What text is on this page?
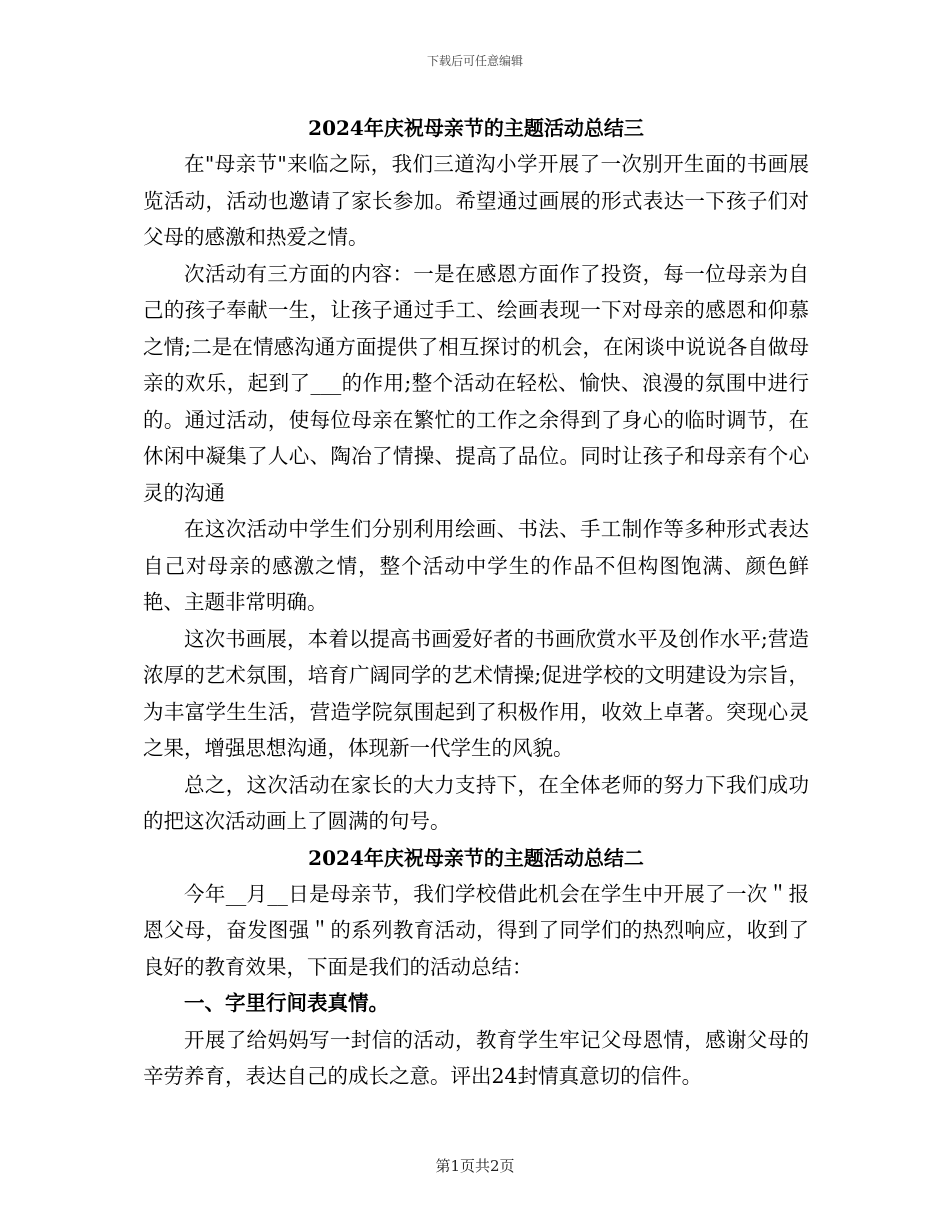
下载后可任意编辑

2024年庆祝母亲节的主题活动总结三

在"母亲节"来临之际，我们三道沟小学开展了一次别开生面的书画展览活动，活动也邀请了家长参加。希望通过画展的形式表达一下孩子们对父母的感激和热爱之情。

次活动有三方面的内容：一是在感恩方面作了投资，每一位母亲为自己的孩子奉献一生，让孩子通过手工、绘画表现一下对母亲的感恩和仰慕之情;二是在情感沟通方面提供了相互探讨的机会，在闲谈中说说各自做母亲的欢乐，起到了___的作用;整个活动在轻松、愉快、浪漫的氛围中进行的。通过活动，使每位母亲在繁忙的工作之余得到了身心的临时调节，在休闲中凝集了人心、陶冶了情操、提高了品位。同时让孩子和母亲有个心灵的沟通

在这次活动中学生们分别利用绘画、书法、手工制作等多种形式表达自己对母亲的感激之情，整个活动中学生的作品不但构图饱满、颜色鲜艳、主题非常明确。

这次书画展，本着以提高书画爱好者的书画欣赏水平及创作水平;营造浓厚的艺术氛围，培育广阔同学的艺术情操;促进学校的文明建设为宗旨，为丰富学生生活，营造学院氛围起到了积极作用，收效上卓著。突现心灵之果，增强思想沟通，体现新一代学生的风貌。

总之，这次活动在家长的大力支持下，在全体老师的努力下我们成功的把这次活动画上了圆满的句号。

2024年庆祝母亲节的主题活动总结二

今年__月__日是母亲节，我们学校借此机会在学生中开展了一次＂报恩父母，奋发图强＂的系列教育活动，得到了同学们的热烈响应，收到了良好的教育效果，下面是我们的活动总结：

一、字里行间表真情。

开展了给妈妈写一封信的活动，教育学生牢记父母恩情，感谢父母的辛劳养育，表达自己的成长之意。评出24封情真意切的信件。

第1页共2页
